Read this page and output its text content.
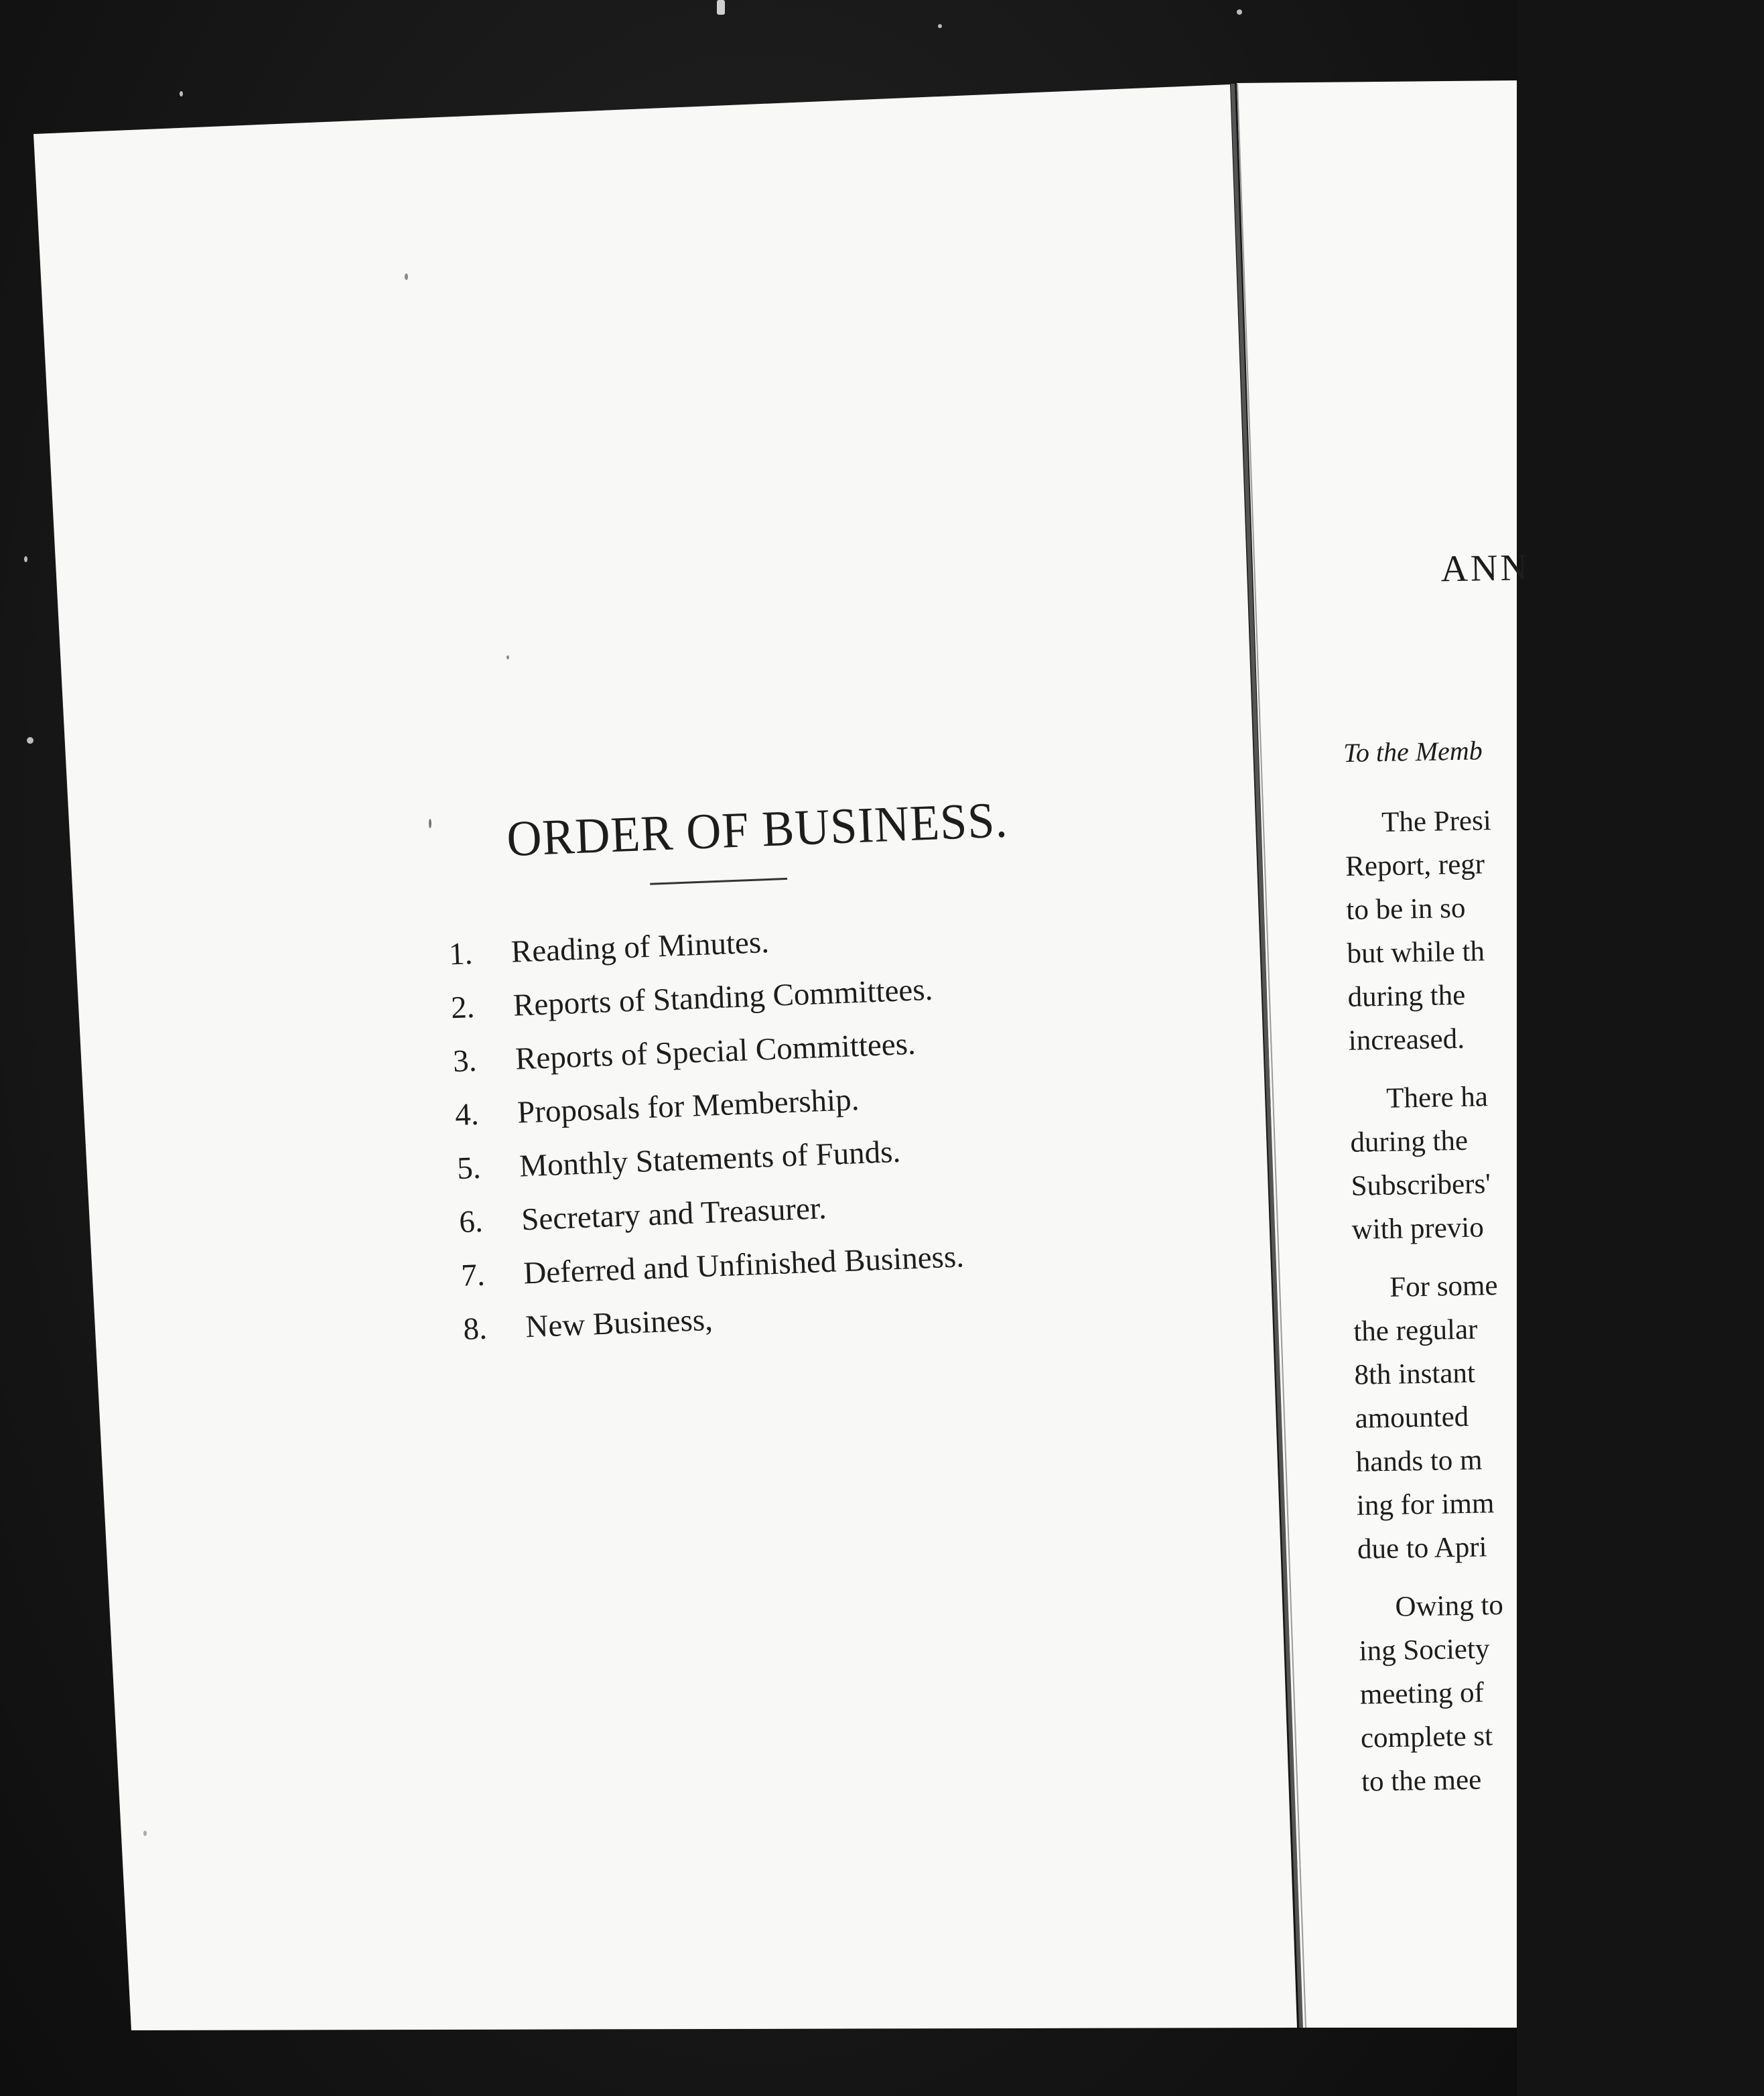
ORDER OF BUSINESS.
1.	Reading of Minutes.
2.	Reports of Standing Committees.
3.	Reports of Special Committees.
4.	Proposals for Membership.
5.	Monthly Statements of Funds.
6.	Secretary and Treasurer.
7.	Deferred and Unfinished Business.
8.	New Business,
ANN
To the Memb
The Presi
Report, regr
to be in so
but while th
during the
increased.
There ha
during the
Subscribers'
with previo
For some
the regular
8th instant
amounted
hands to m
ing for imm
due to Apri
Owing to
ing Society
meeting of
complete st
to the mee
